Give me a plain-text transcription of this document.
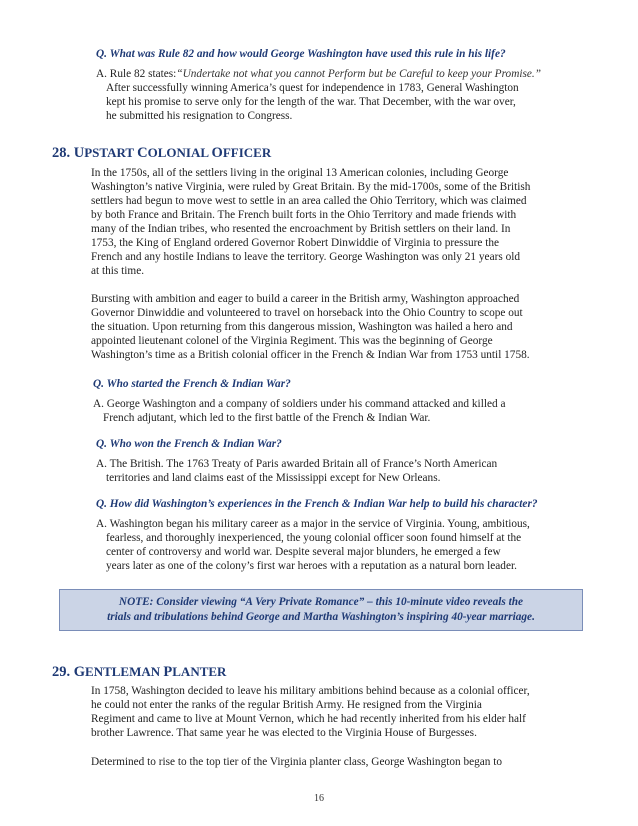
Q. What was Rule 82 and how would George Washington have used this rule in his life?
A. Rule 82 states:“Undertake not what you cannot Perform but be Careful to keep your Promise.”
After successfully winning America’s quest for independence in 1783, General Washington
kept his promise to serve only for the length of the war. That December, with the war over,
he submitted his resignation to Congress.
28. UPSTART COLONIAL OFFICER
In the 1750s, all of the settlers living in the original 13 American colonies, including George
Washington’s native Virginia, were ruled by Great Britain. By the mid-1700s, some of the British
settlers had begun to move west to settle in an area called the Ohio Territory, which was claimed
by both France and Britain. The French built forts in the Ohio Territory and made friends with
many of the Indian tribes, who resented the encroachment by British settlers on their land. In
1753, the King of England ordered Governor Robert Dinwiddie of Virginia to pressure the
French and any hostile Indians to leave the territory. George Washington was only 21 years old
at this time.
Bursting with ambition and eager to build a career in the British army, Washington approached
Governor Dinwiddie and volunteered to travel on horseback into the Ohio Country to scope out
the situation. Upon returning from this dangerous mission, Washington was hailed a hero and
appointed lieutenant colonel of the Virginia Regiment. This was the beginning of George
Washington’s time as a British colonial officer in the French & Indian War from 1753 until 1758.
Q. Who started the French & Indian War?
A. George Washington and a company of soldiers under his command attacked and killed a
French adjutant, which led to the first battle of the French & Indian War.
Q. Who won the French & Indian War?
A. The British. The 1763 Treaty of Paris awarded Britain all of France’s North American
territories and land claims east of the Mississippi except for New Orleans.
Q. How did Washington’s experiences in the French & Indian War help to build his character?
A. Washington began his military career as a major in the service of Virginia. Young, ambitious,
fearless, and thoroughly inexperienced, the young colonial officer soon found himself at the
center of controversy and world war. Despite several major blunders, he emerged a few
years later as one of the colony’s first war heroes with a reputation as a natural born leader.
NOTE: Consider viewing “A Very Private Romance” – this 10-minute video reveals the
trials and tribulations behind George and Martha Washington’s inspiring 40-year marriage.
29. GENTLEMAN PLANTER
In 1758, Washington decided to leave his military ambitions behind because as a colonial officer,
he could not enter the ranks of the regular British Army. He resigned from the Virginia
Regiment and came to live at Mount Vernon, which he had recently inherited from his elder half
brother Lawrence. That same year he was elected to the Virginia House of Burgesses.
Determined to rise to the top tier of the Virginia planter class, George Washington began to
16
